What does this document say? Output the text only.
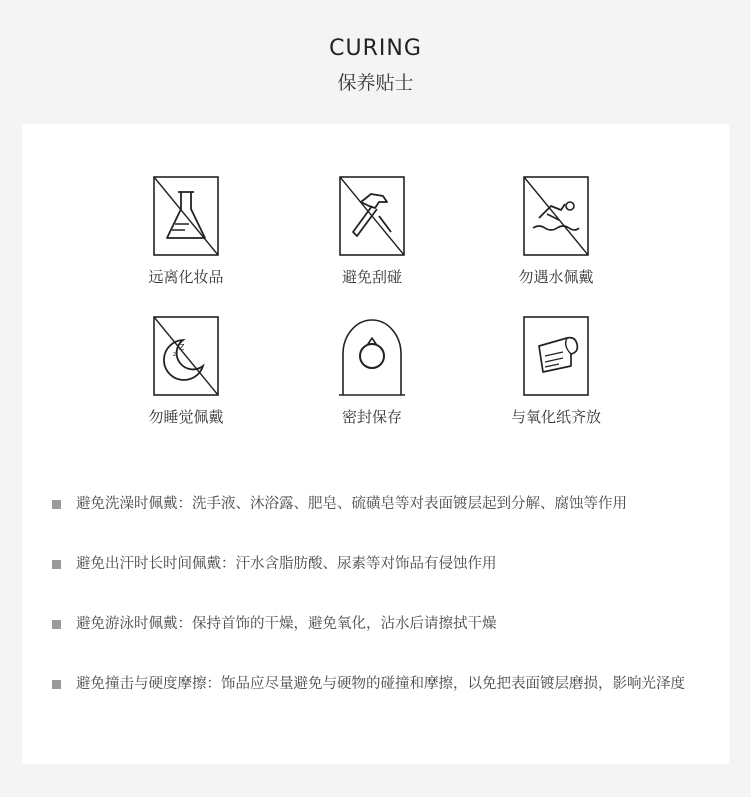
CURING
保养贴士
远离化妆品	避免刮碰	勿遇水佩戴
Z
z
勿睡觉佩戴	密封保存	与氧化纸齐放
避免洗澡时佩戴：洗手液、沐浴露、肥皂、硫磺皂等对表面镀层起到分解、腐蚀等作用
避免出汗时长时间佩戴：汗水含脂肪酸、尿素等对饰品有侵蚀作用
避免游泳时佩戴：保持首饰的干燥，避免氧化，沾水后请擦拭干燥
避免撞击与硬度摩擦：饰品应尽量避免与硬物的碰撞和摩擦，以免把表面镀层磨损，影响光泽度
